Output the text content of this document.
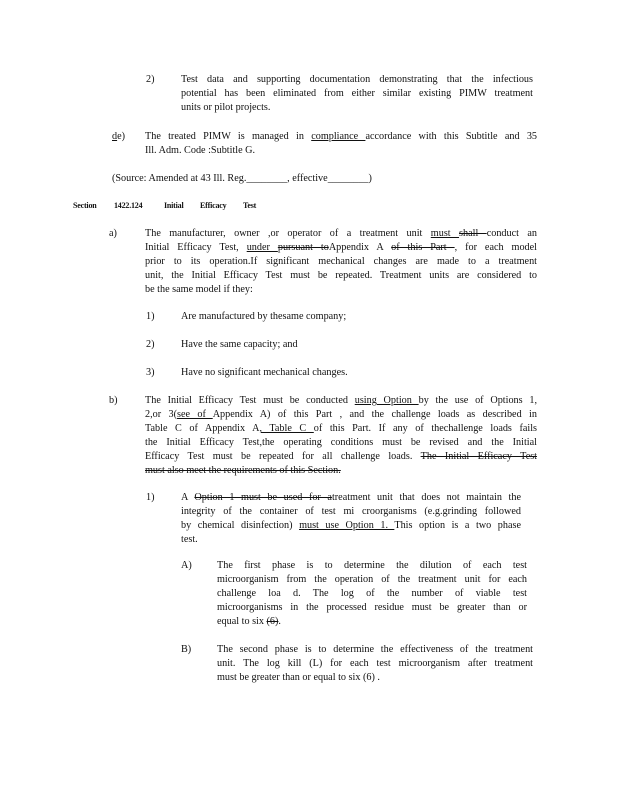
2)	Test data and supporting documentation demonstrating that the infectious
potential has been eliminated from either similar existing PIMW treatment
units or pilot projects.
de) The treated PIMW is managed in compliance accordance with this Subtitle and 35
Ill. Adm. Code :Subtitle G.
(Source: Amended at 43 Ill. Reg.________, effective________)
Section 1422.124	Initial Efficacy Test
a)	The manufacturer, owner ,or operator of a treatment unit must shall conduct an
Initial Efficacy Test, under pursuant toAppendix A of this Part , for each model
prior to its operation.If significant mechanical changes are made to a treatment
unit, the Initial Efficacy Test must be repeated. Treatment units are considered to
be the same model if they:
1)	Are manufactured by thesame company;
2)	Have the same capacity; and
3)	Have no significant mechanical changes.
b)	The Initial Efficacy Test must be conducted using Option by the use of Options 1,
2,or 3(see of Appendix A) of this Part , and the challenge loads as described in
Table C of Appendix A, Table C of this Part. If any of thechallenge loads fails
the Initial Efficacy Test,the operating conditions must be revised and the Initial
Efficacy Test must be repeated for all challenge loads. The Initial Efficacy Test
must also meet the requirements of this Section.
1)	A Option 1 must be used for atreatment unit that does not maintain the
integrity of the container of test mi croorganisms (e.g.grinding followed
by chemical disinfection) must use Option 1. This option is a two phase
test.
A) The first phase is to determine the dilution of each test
microorganism from the operation of the treatment unit for each
challenge loa d. The log of the number of viable test
microorganisms in the processed residue must be greater than or
equal to six (6).
B)	The second phase is to determine the effectiveness of the treatment
unit. The log kill (L) for each test microorganism after treatment
must be greater than or equal to six (6) .
